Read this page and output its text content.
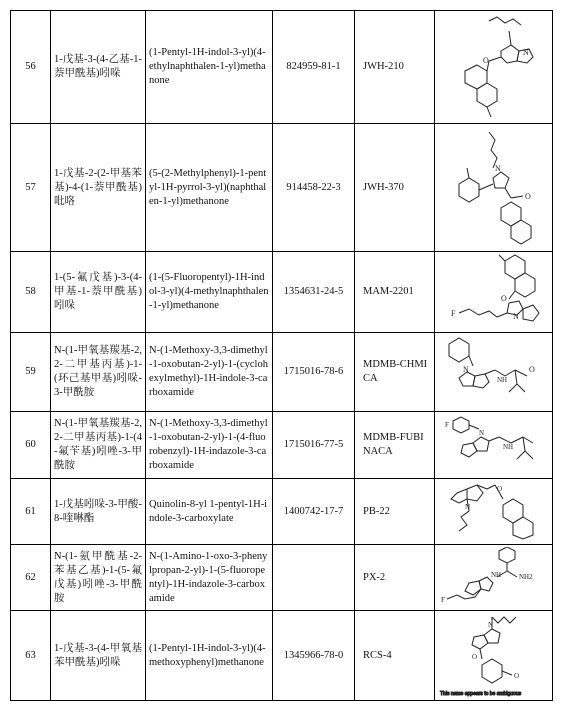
56	1-戊基-3-(4-乙基-1-萘甲酰基)吲哚	(1-Pentyl-1H-indol-3-yl)(4-ethylnaphthalen-1-yl)methanone	824959-81-1	JWH-210	O
N

57	1-戊基-2-(2-甲基苯基)-4-(1-萘甲酰基)吡咯	(5-(2-Methylphenyl)-1-pentyl-1H-pyrrol-3-yl)(naphthalen-1-yl)methanone	914458-22-3	JWH-370	N
O

58	1-(5-氟戊基)-3-(4-甲基-1-萘甲酰基)吲哚	(1-(5-Fluoropentyl)-1H-indol-3-yl)(4-methylnaphthalen-1-yl)methanone	1354631-24-5	MAM-2201	O
F N

59	N-(1-甲氧基羰基-2,2-二甲基丙基)-1-(环己基甲基)吲哚-3-甲酰胺	N-(1-Methoxy-3,3-dimethyl-1-oxobutan-2-yl)-1-(cyclohexylmethyl)-1H-indole-3-carboxamide	1715016-78-6	MDMB-CHMICA	N
NH
O

60	N-(1-甲氧基羰基-2,2-二甲基丙基)-1-(4-氟苄基)吲唑-3-甲酰胺	N-(1-Methoxy-3,3-dimethyl-1-oxobutan-2-yl)-1-(4-fluorobenzyl)-1H-indazole-3-carboxamide	1715016-77-5	MDMB-FUBINACA	F
N
NH

61	1-戊基吲哚-3-甲酸-8-喹啉酯	Quinolin-8-yl 1-pentyl-1H-indole-3-carboxylate	1400742-17-7	PB-22	N
O

62	N-(1-氨甲酰基-2-苯基乙基)-1-(5-氟戊基)吲唑-3-甲酰胺	N-(1-Amino-1-oxo-3-phenylpropan-2-yl)-1-(5-fluoropentyl)-1H-indazole-3-carboxamide		PX-2	NH2
NH
F

63	1-戊基-3-(4-甲氧基苯甲酰基)吲哚	(1-Pentyl-1H-indol-3-yl)(4-methoxyphenyl)methanone	1345966-78-0	RCS-4	N
O
O
This name appears to be ambiguous
